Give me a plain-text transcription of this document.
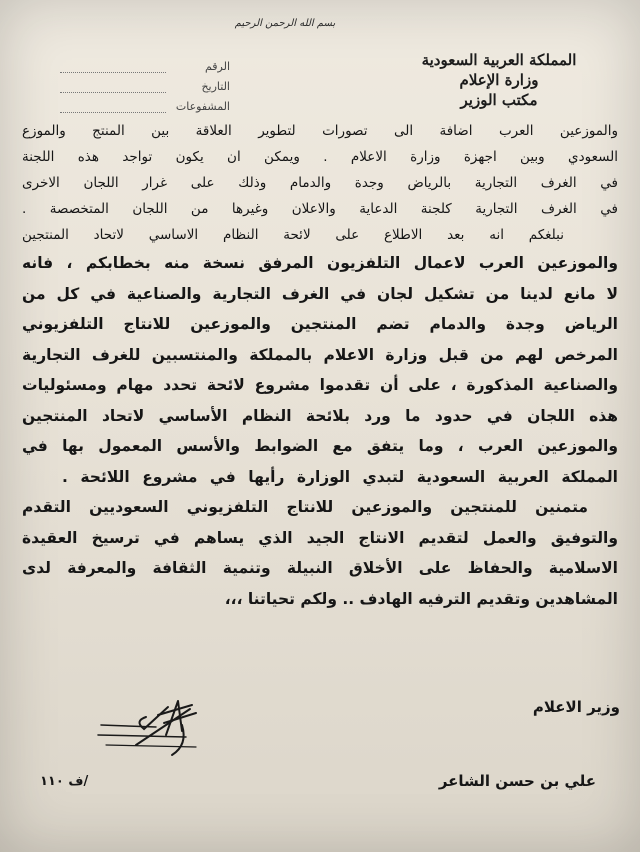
بسم الله الرحمن الرحيم
المملكة العربية السعودية
وزارة الإعلام
مكتب الوزير
الرقم
التاريخ
المشفوعات
والموزعين العرب اضافة الى تصورات لتطوير العلاقة بين المنتج والموزع
السعودي وبين اجهزة وزارة الاعلام . ويمكن ان يكون تواجد هذه اللجنة
في الغرف التجارية بالرياض وجدة والدمام وذلك على غرار اللجان الاخرى
في الغرف التجارية كلجنة الدعاية والاعلان وغيرها من اللجان المتخصصة .
نبلغكم انه بعد الاطلاع على لائحة النظام الاساسي لاتحاد المنتجين
والموزعين العرب لاعمال التلفزيون المرفق نسخة منه بخطابكم ، فانه
لا مانع لدينا من تشكيل لجان في الغرف التجارية والصناعية في كل من
الرياض وجدة والدمام تضم المنتجين والموزعين للانتاج التلفزيوني
المرخص لهم من قبل وزارة الاعلام بالمملكة والمنتسبين للغرف التجارية
والصناعية المذكورة ، على أن تقدموا مشروع لائحة تحدد مهام ومسئوليات
هذه اللجان في حدود ما ورد بلائحة النظام الأساسي لاتحاد المنتجين
والموزعين العرب ، وما يتفق مع الضوابط والأسس المعمول بها في
المملكة العربية السعودية لتبدي الوزارة رأيها في مشروع اللائحة .
متمنين للمنتجين والموزعين للانتاج التلفزيوني السعوديين التقدم
والتوفيق والعمل لتقديم الانتاج الجيد الذي يساهم في ترسيخ العقيدة
الاسلامية والحفاظ على الأخلاق النبيلة وتنمية الثقافة والمعرفة لدى
المشاهدين وتقديم الترفيه الهادف .. ولكم تحياتنا ،،،
وزير الاعلام
/ف ١١٠	علي بن حسن الشاعر
